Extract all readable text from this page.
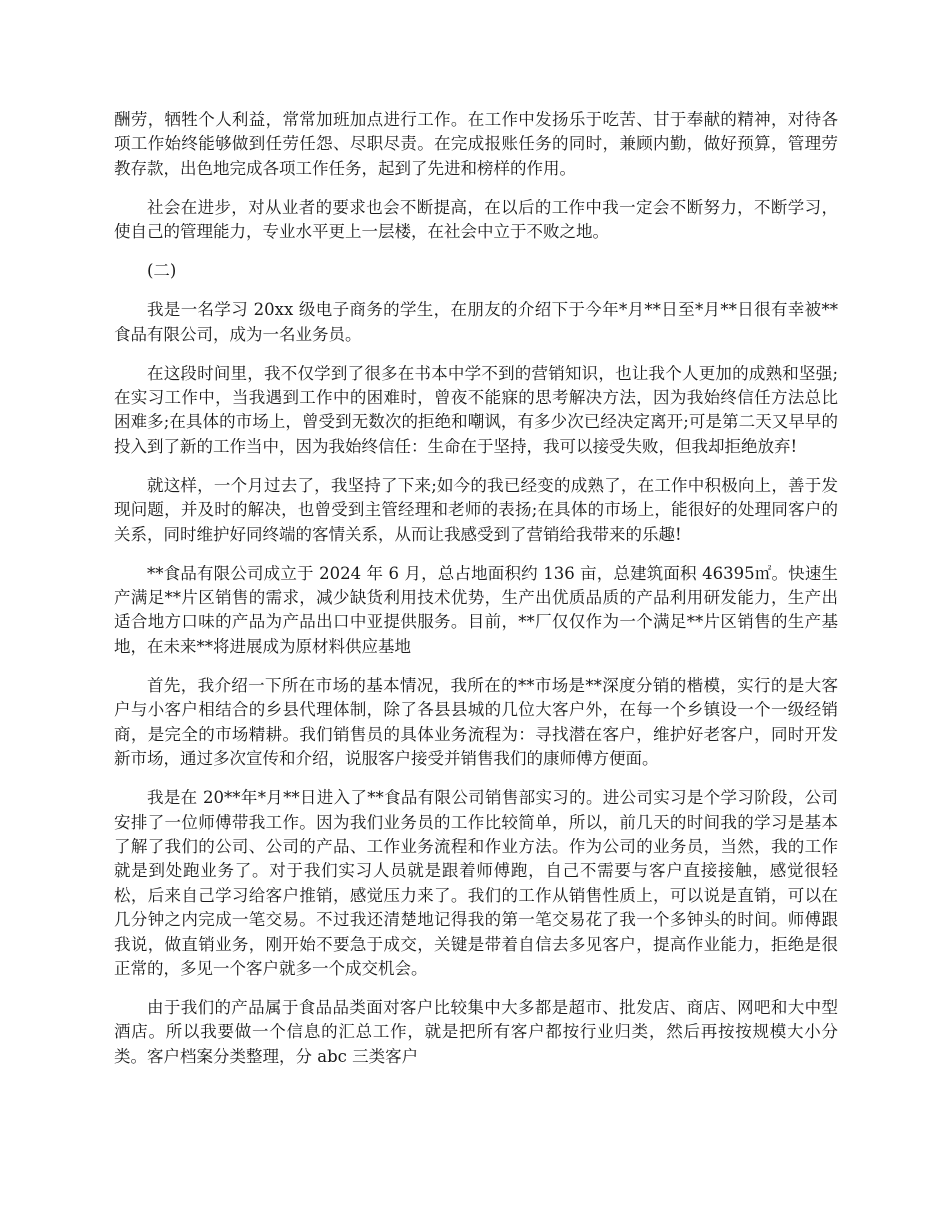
酬劳，牺牲个人利益，常常加班加点进行工作。在工作中发扬乐于吃苦、甘于奉献的精神，对待各项工作始终能够做到任劳任怨、尽职尽责。在完成报账任务的同时，兼顾内勤，做好预算，管理劳教存款，出色地完成各项工作任务，起到了先进和榜样的作用。

社会在进步，对从业者的要求也会不断提高，在以后的工作中我一定会不断努力，不断学习，使自己的管理能力，专业水平更上一层楼，在社会中立于不败之地。

(二)

我是一名学习 20xx 级电子商务的学生，在朋友的介绍下于今年*月**日至*月**日很有幸被**食品有限公司，成为一名业务员。

在这段时间里，我不仅学到了很多在书本中学不到的营销知识，也让我个人更加的成熟和坚强;在实习工作中，当我遇到工作中的困难时，曾夜不能寐的思考解决方法，因为我始终信任方法总比困难多;在具体的市场上，曾受到无数次的拒绝和嘲讽，有多少次已经决定离开;可是第二天又早早的投入到了新的工作当中，因为我始终信任：生命在于坚持，我可以接受失败，但我却拒绝放弃!

就这样，一个月过去了，我坚持了下来;如今的我已经变的成熟了，在工作中积极向上，善于发现问题，并及时的解决，也曾受到主管经理和老师的表扬;在具体的市场上，能很好的处理同客户的关系，同时维护好同终端的客情关系，从而让我感受到了营销给我带来的乐趣!

**食品有限公司成立于 2024 年 6 月，总占地面积约 136 亩，总建筑面积 46395㎡。快速生产满足**片区销售的需求，减少缺货利用技术优势，生产出优质品质的产品利用研发能力，生产出适合地方口味的产品为产品出口中亚提供服务。目前，**厂仅仅作为一个满足**片区销售的生产基地，在未来**将进展成为原材料供应基地

首先，我介绍一下所在市场的基本情况，我所在的**市场是**深度分销的楷模，实行的是大客户与小客户相结合的乡县代理体制，除了各县县城的几位大客户外，在每一个乡镇设一个一级经销商，是完全的市场精耕。我们销售员的具体业务流程为：寻找潜在客户，维护好老客户，同时开发新市场，通过多次宣传和介绍，说服客户接受并销售我们的康师傅方便面。

我是在 20**年*月**日进入了**食品有限公司销售部实习的。进公司实习是个学习阶段，公司安排了一位师傅带我工作。因为我们业务员的工作比较简单，所以，前几天的时间我的学习是基本了解了我们的公司、公司的产品、工作业务流程和作业方法。作为公司的业务员，当然，我的工作就是到处跑业务了。对于我们实习人员就是跟着师傅跑，自己不需要与客户直接接触，感觉很轻松，后来自己学习给客户推销，感觉压力来了。我们的工作从销售性质上，可以说是直销，可以在几分钟之内完成一笔交易。不过我还清楚地记得我的第一笔交易花了我一个多钟头的时间。师傅跟我说，做直销业务，刚开始不要急于成交，关键是带着自信去多见客户，提高作业能力，拒绝是很正常的，多见一个客户就多一个成交机会。

由于我们的产品属于食品品类面对客户比较集中大多都是超市、批发店、商店、网吧和大中型酒店。所以我要做一个信息的汇总工作，就是把所有客户都按行业归类，然后再按按规模大小分类。客户档案分类整理，分 abc 三类客户
